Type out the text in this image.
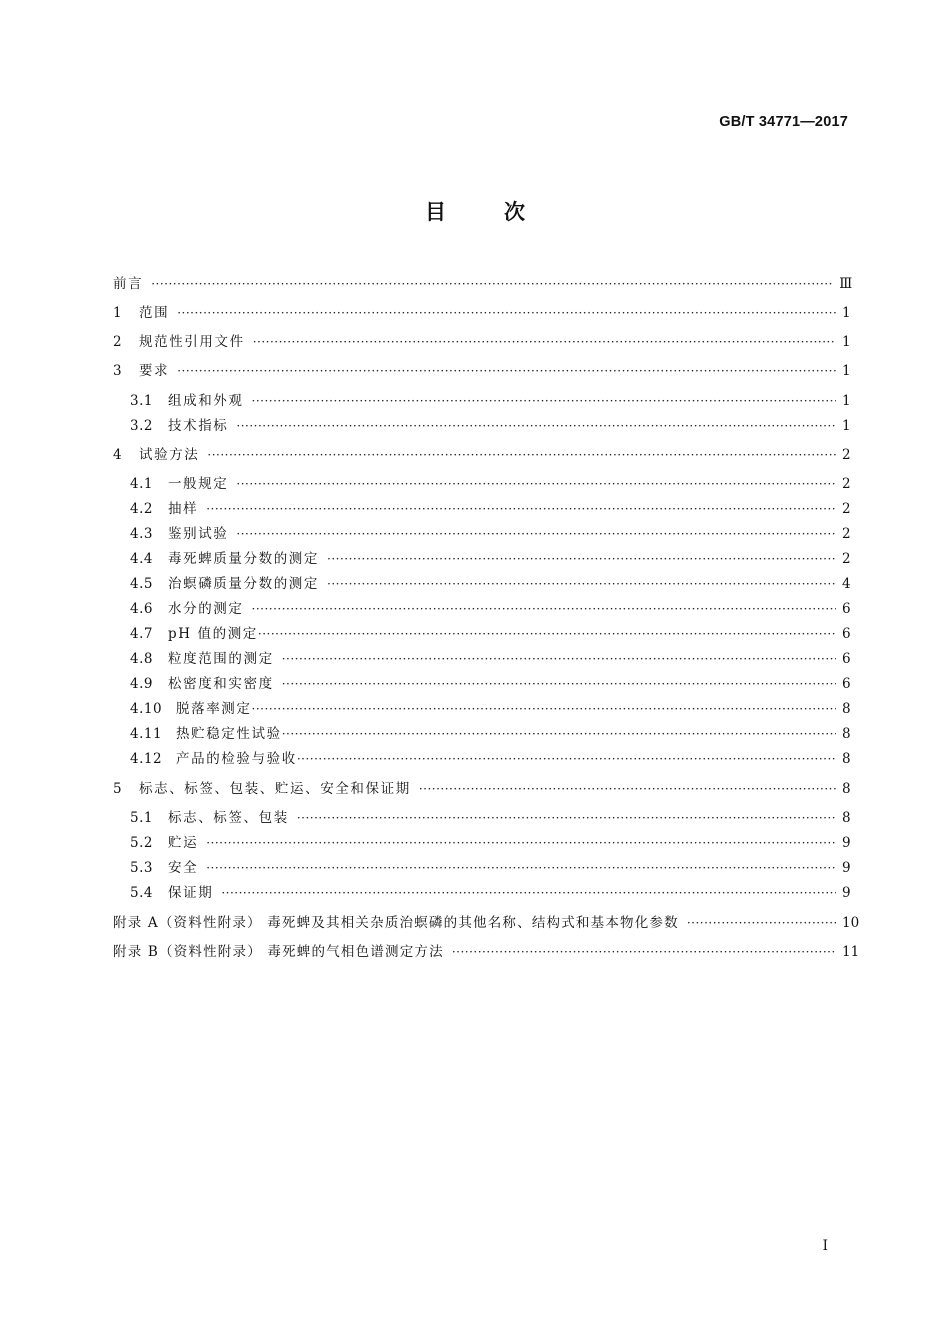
GB/T 34771—2017
目次
前言 ·····	Ⅲ
1	范围 ·····	1
2	规范性引用文件 ·····	1
3	要求 ·····	1
3.1	组成和外观 ·····	1
3.2	技术指标 ·····	1
4	试验方法 ·····	2
4.1	一般规定 ·····	2
4.2	抽样 ·····	2
4.3	鉴别试验 ·····	2
4.4	毒死蜱质量分数的测定 ·····	2
4.5	治螟磷质量分数的测定 ·····	4
4.6	水分的测定 ·····	6
4.7	pH 值的测定 ·····	6
4.8	粒度范围的测定 ·····	6
4.9	松密度和实密度 ·····	6
4.10	脱落率测定 ·····	8
4.11	热贮稳定性试验 ·····	8
4.12	产品的检验与验收 ·····	8
5	标志、标签、包装、贮运、安全和保证期 ·····	8
5.1	标志、标签、包装 ·····	8
5.2	贮运 ·····	9
5.3	安全 ·····	9
5.4	保证期 ·····	9
附录 A（资料性附录） 毒死蜱及其相关杂质治螟磷的其他名称、结构式和基本物化参数 ·····	10
附录 B（资料性附录） 毒死蜱的气相色谱测定方法 ·····	11
I
